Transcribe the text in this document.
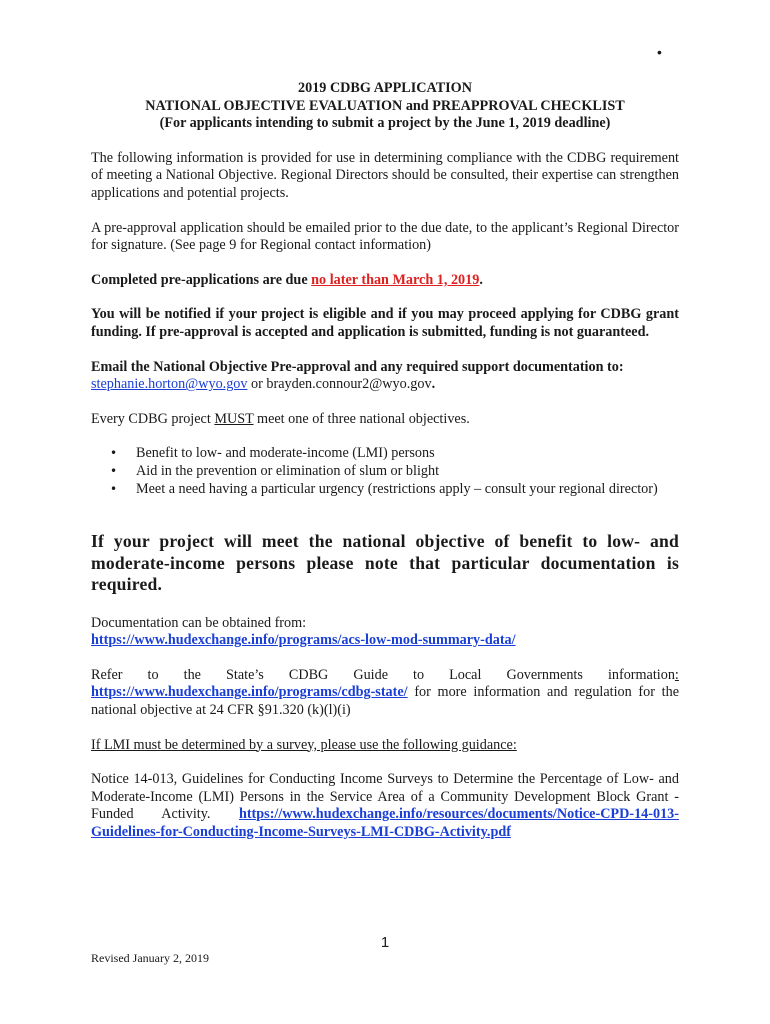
•

2019 CDBG APPLICATION

NATIONAL OBJECTIVE EVALUATION and PREAPPROVAL CHECKLIST

(For applicants intending to submit a project by the June 1, 2019 deadline)

The following information is provided for use in determining compliance with the CDBG requirement of meeting a National Objective. Regional Directors should be consulted, their expertise can strengthen applications and potential projects.

A pre-approval application should be emailed prior to the due date, to the applicant’s Regional Director for signature. (See page 9 for Regional contact information)

Completed pre-applications are due no later than March 1, 2019.

You will be notified if your project is eligible and if you may proceed applying for CDBG grant funding. If pre-approval is accepted and application is submitted, funding is not guaranteed.

Email the National Objective Pre-approval and any required support documentation to:

stephanie.horton@wyo.gov or brayden.connour2@wyo.gov.

Every CDBG project MUST meet one of three national objectives.

• Benefit to low- and moderate-income (LMI) persons
• Aid in the prevention or elimination of slum or blight
• Meet a need having a particular urgency (restrictions apply – consult your regional director)

If your project will meet the national objective of benefit to low- and moderate-income persons please note that particular documentation is required.

Documentation can be obtained from:

https://www.hudexchange.info/programs/acs-low-mod-summary-data/

Refer to the State’s CDBG Guide to Local Governments information:

https://www.hudexchange.info/programs/cdbg-state/ for more information and regulation for the national objective at 24 CFR §91.320 (k)(l)(i)

If LMI must be determined by a survey, please use the following guidance:

Notice 14-013, Guidelines for Conducting Income Surveys to Determine the Percentage of Low- and Moderate-Income (LMI) Persons in the Service Area of a Community Development Block Grant -Funded Activity. https://www.hudexchange.info/resources/documents/Notice-CPD-14-013-Guidelines-for-Conducting-Income-Surveys-LMI-CDBG-Activity.pdf

1
Revised January 2, 2019
